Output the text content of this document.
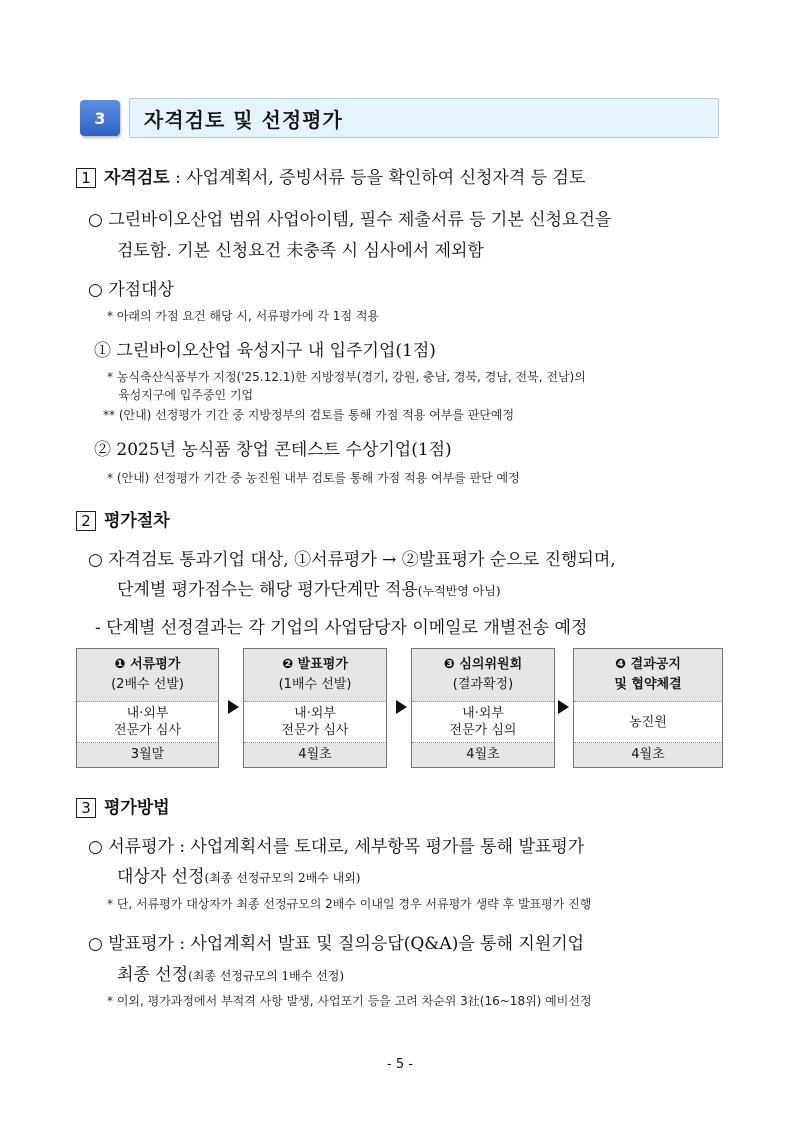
3	자격검토 및 선정평가
1 자격검토 : 사업계획서, 증빙서류 등을 확인하여 신청자격 등 검토
○ 그린바이오산업 범위 사업아이템, 필수 제출서류 등 기본 신청요건을
검토함. 기본 신청요건 未충족 시 심사에서 제외함
○ 가점대상
* 아래의 가점 요건 해당 시, 서류평가에 각 1점 적용
① 그린바이오산업 육성지구 내 입주기업(1점)
* 농식축산식품부가 지정('25.12.1)한 지방정부(경기, 강원, 충남, 경북, 경남, 전북, 전남)의
육성지구에 입주중인 기업
** (안내) 선정평가 기간 중 지방정부의 검토를 통해 가점 적용 여부를 판단예정
② 2025년 농식품 창업 콘테스트 수상기업(1점)
* (안내) 선정평가 기간 중 농진원 내부 검토를 통해 가점 적용 여부를 판단 예정
2 평가절차
○ 자격검토 통과기업 대상, ①서류평가 → ②발표평가 순으로 진행되며,
단계별 평가점수는 해당 평가단계만 적용(누적반영 아님)
- 단계별 선정결과는 각 기업의 사업담당자 이메일로 개별전송 예정
❶ 서류평가
(2배수 선발)
내·외부
전문가 심사
3월말
❷ 발표평가
(1배수 선발)
내·외부
전문가 심사
4월초
❸ 심의위원회
(결과확정)
내·외부
전문가 심의
4월초
❹ 결과공지
및 협약체결
농진원
4월초
3 평가방법
○ 서류평가 : 사업계획서를 토대로, 세부항목 평가를 통해 발표평가
대상자 선정(최종 선정규모의 2배수 내외)
* 단, 서류평가 대상자가 최종 선정규모의 2배수 이내일 경우 서류평가 생략 후 발표평가 진행
○ 발표평가 : 사업계획서 발표 및 질의응답(Q&A)을 통해 지원기업
최종 선정(최종 선정규모의 1배수 선정)
* 이외, 평가과정에서 부적격 사항 발생, 사업포기 등을 고려 차순위 3社(16~18위) 예비선정
- 5 -
